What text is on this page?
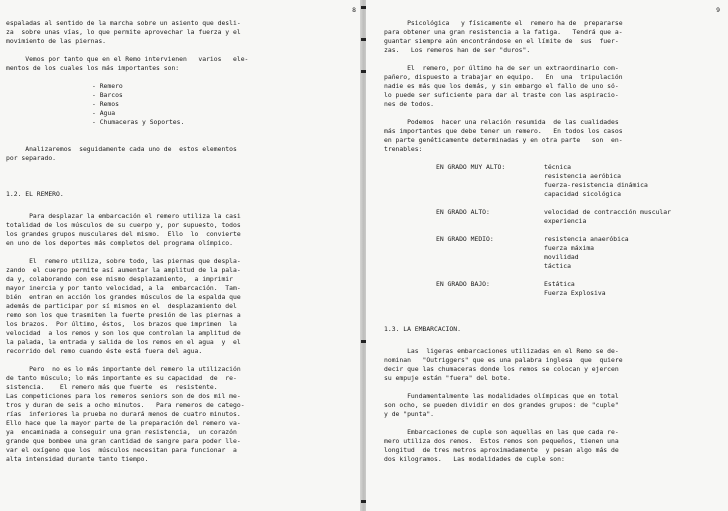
8
espaladas al sentido de la marcha sobre un asiento que desli-
za  sobre unas vías, lo que permite aprovechar la fuerza y el
movimiento de las piernas.
Vemos por tanto que en el Remo intervienen   varios   ele-
mentos de los cuales los más importantes son:
- Remero
- Barcos
- Remos
- Agua
- Chumaceras y Soportes.
Analizaremos  seguidamente cada uno de  estos elementos
por separado.
1.2. EL REMERO.
Para desplazar la embarcación el remero utiliza la casi
totalidad de los músculos de su cuerpo y, por supuesto, todos
los grandes grupos musculares del mismo.  Ello  lo  convierte
en uno de los deportes más completos del programa olímpico.
El  remero utiliza, sobre todo, las piernas que despla-
zando  el cuerpo permite así aumentar la amplitud de la pala-
da y, colaborando con ese mismo desplazamiento,  a imprimir
mayor inercia y por tanto velocidad, a la  embarcación.  Tam-
bién  entran en acción los grandes músculos de la espalda que
además de participar por sí mismos en el  desplazamiento del
remo son los que trasmiten la fuerte presión de las piernas a
los brazos.  Por último, éstos,  los brazos que imprimen  la
velocidad  a los remos y son los que controlan la amplitud de
la palada, la entrada y salida de los remos en el agua  y  el
recorrido del remo cuando éste está fuera del agua.
Pero  no es lo más importante del remero la utilización
de tanto músculo; lo más importante es su capacidad  de  re-
sistencia.    El remero más que fuerte  es  resistente.
Las competiciones para los remeros seniors son de dos mil me-
tros y duran de seis a ocho minutos.   Para remeros de catego-
rías  inferiores la prueba no durará menos de cuatro minutos.
Ello hace que la mayor parte de la preparación del remero va-
ya  encaminada a conseguir una gran resistencia,  un corazón
grande que bombee una gran cantidad de sangre para poder lle-
var el oxígeno que los  músculos necesitan para funcionar  a
alta intensidad durante tanto tiempo.
9
Psicológica   y físicamente el  remero ha de  prepararse
para obtener una gran resistencia a la fatiga.   Tendrá que a-
guantar siempre aún encontrándose en el límite de  sus  fuer-
zas.   Los remeros han de ser "duros".
El  remero, por último ha de ser un extraordinario com-
pañero, dispuesto a trabajar en equipo.   En  una  tripulación
nadie es más que los demás, y sin embargo el fallo de uno só-
lo puede ser suficiente para dar al traste con las aspiracio-
nes de todos.
Podemos  hacer una relación resumida  de las cualidades
más importantes que debe tener un remero.   En todos los casos
en parte genéticamente determinadas y en otra parte   son  en-
trenables:
EN GRADO MUY ALTO:	técnica
resistencia aeróbica
fuerza-resistencia dinámica
capacidad sicológica
EN GRADO ALTO:	velocidad de contracción muscular
experiencia
EN GRADO MEDIO:	resistencia anaeróbica
fuerza máxima
movilidad
táctica
EN GRADO BAJO:	Estática
Fuerza Explosiva
1.3. LA EMBARCACION.
Las  ligeras embarcaciones utilizadas en el Remo se de-
nominan   "Outriggers" que es una palabra inglesa  que  quiere
decir que las chumaceras donde los remos se colocan y ejercen
su empuje están "fuera" del bote.
Fundamentalmente las modalidades olímpicas que en total
son ocho, se pueden dividir en dos grandes grupos: de "cuple"
y de "punta".
Embarcaciones de cuple son aquellas en las que cada re-
mero utiliza dos remos.  Estos remos son pequeños, tienen una
longitud  de tres metros aproximadamente  y pesan algo más de
dos kilogramos.   Las modalidades de cuple son:
